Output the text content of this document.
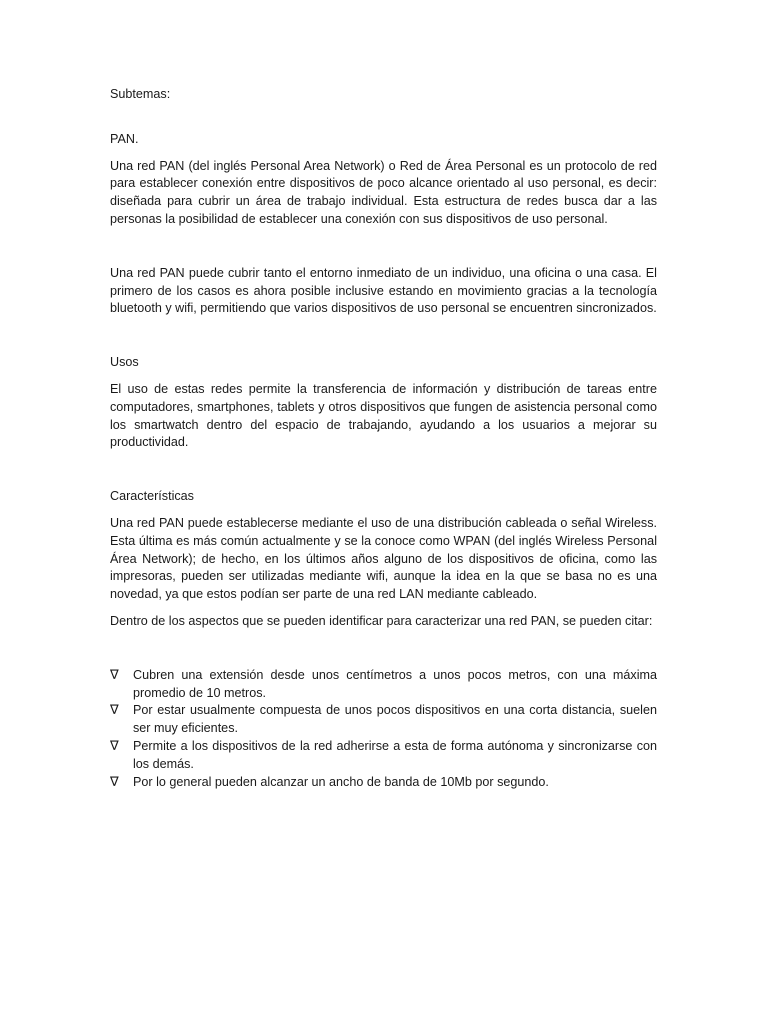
Subtemas:

PAN.

Una red PAN (del inglés Personal Area Network) o Red de Área Personal es un protocolo de red para establecer conexión entre dispositivos de poco alcance orientado al uso personal, es decir: diseñada para cubrir un área de trabajo individual. Esta estructura de redes busca dar a las personas la posibilidad de establecer una conexión con sus dispositivos de uso personal.

Una red PAN puede cubrir tanto el entorno inmediato de un individuo, una oficina o una casa. El primero de los casos es ahora posible inclusive estando en movimiento gracias a la tecnología bluetooth y wifi, permitiendo que varios dispositivos de uso personal se encuentren sincronizados.

Usos

El uso de estas redes permite la transferencia de información y distribución de tareas entre computadores, smartphones, tablets y otros dispositivos que fungen de asistencia personal como los smartwatch dentro del espacio de trabajando, ayudando a los usuarios a mejorar su productividad.

Características

Una red PAN puede establecerse mediante el uso de una distribución cableada o señal Wireless. Esta última es más común actualmente y se la conoce como WPAN (del inglés Wireless Personal Área Network); de hecho, en los últimos años alguno de los dispositivos de oficina, como las impresoras, pueden ser utilizadas mediante wifi, aunque la idea en la que se basa no es una novedad, ya que estos podían ser parte de una red LAN mediante cableado.

Dentro de los aspectos que se pueden identificar para caracterizar una red PAN, se pueden citar:

∇	Cubren una extensión desde unos centímetros a unos pocos metros, con una máxima promedio de 10 metros.
∇	Por estar usualmente compuesta de unos pocos dispositivos en una corta distancia, suelen ser muy eficientes.
∇	Permite a los dispositivos de la red adherirse a esta de forma autónoma y sincronizarse con los demás.
∇	Por lo general pueden alcanzar un ancho de banda de 10Mb por segundo.
